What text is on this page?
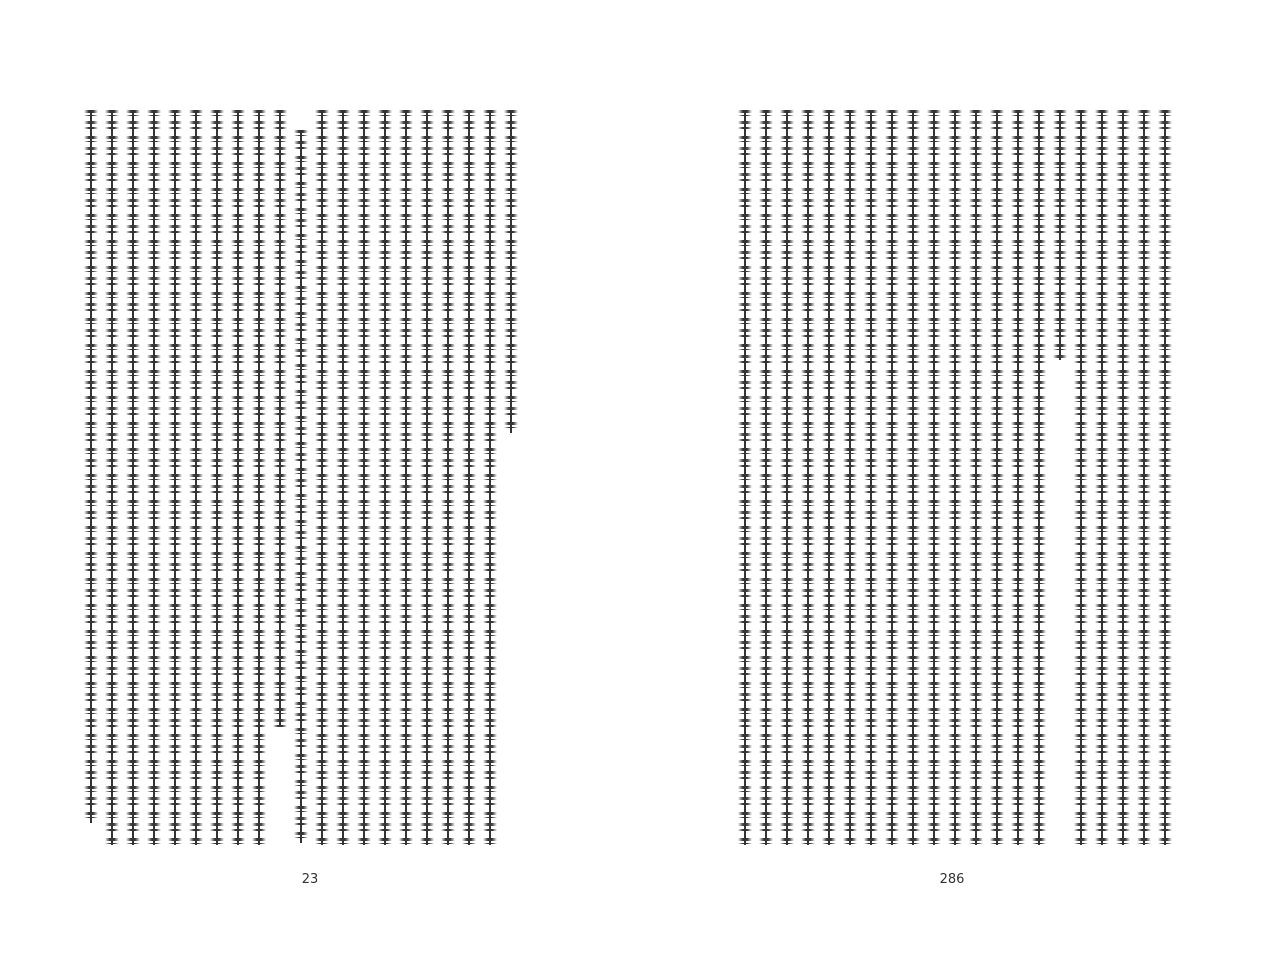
23	286
